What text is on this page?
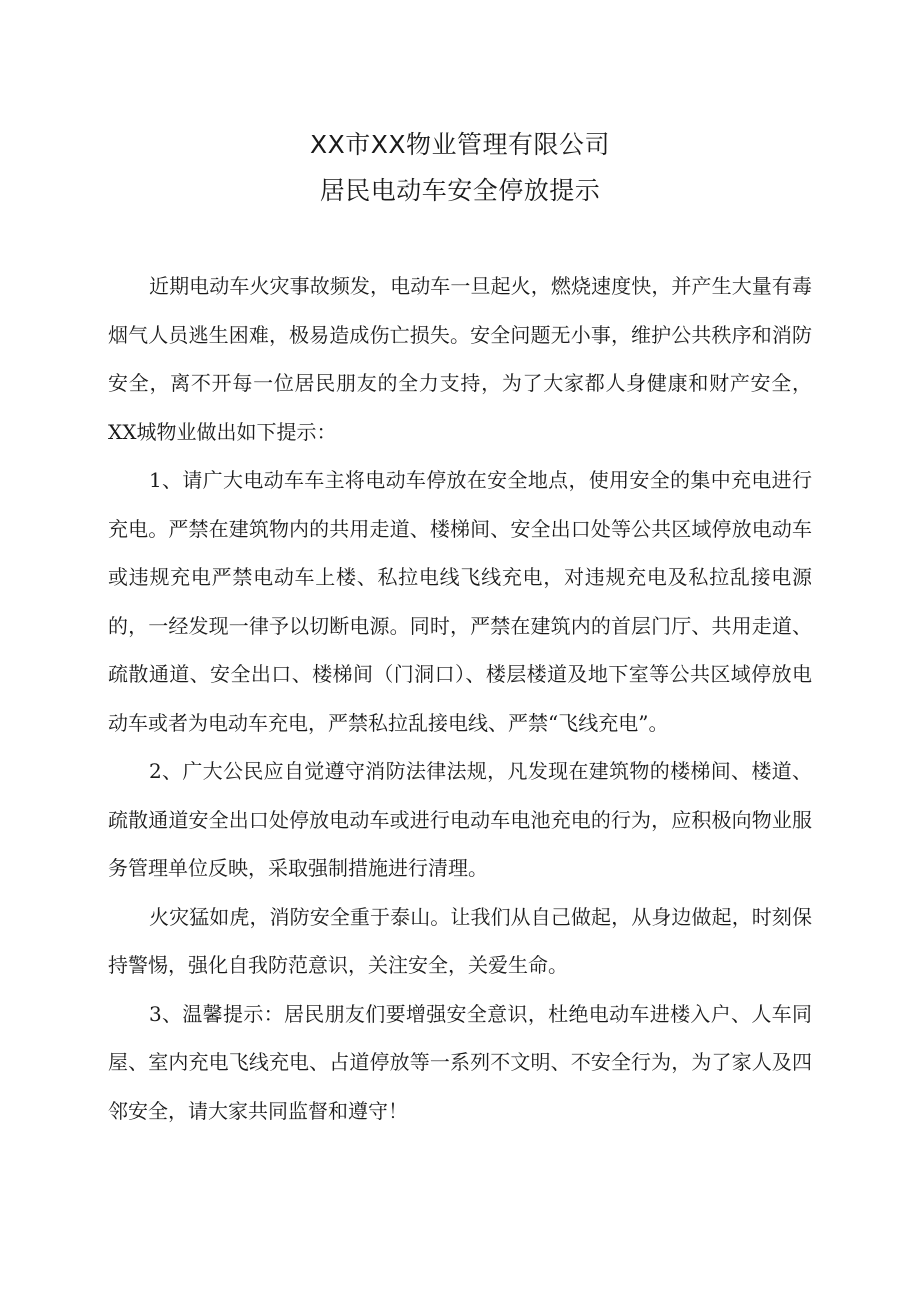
XX市XX物业管理有限公司
居民电动车安全停放提示

近期电动车火灾事故频发，电动车一旦起火，燃烧速度快，并产生大量有毒烟气人员逃生困难，极易造成伤亡损失。安全问题无小事，维护公共秩序和消防安全，离不开每一位居民朋友的全力支持，为了大家都人身健康和财产安全，XX城物业做出如下提示：

1、请广大电动车车主将电动车停放在安全地点，使用安全的集中充电进行充电。严禁在建筑物内的共用走道、楼梯间、安全出口处等公共区域停放电动车或违规充电严禁电动车上楼、私拉电线飞线充电，对违规充电及私拉乱接电源的，一经发现一律予以切断电源。同时，严禁在建筑内的首层门厅、共用走道、疏散通道、安全出口、楼梯间（门洞口）、楼层楼道及地下室等公共区域停放电动车或者为电动车充电，严禁私拉乱接电线、严禁“飞线充电”。

2、广大公民应自觉遵守消防法律法规，凡发现在建筑物的楼梯间、楼道、疏散通道安全出口处停放电动车或进行电动车电池充电的行为，应积极向物业服务管理单位反映，采取强制措施进行清理。

火灾猛如虎，消防安全重于泰山。让我们从自己做起，从身边做起，时刻保持警惕，强化自我防范意识，关注安全，关爱生命。

3、温馨提示：居民朋友们要增强安全意识，杜绝电动车进楼入户、人车同屋、室内充电飞线充电、占道停放等一系列不文明、不安全行为，为了家人及四邻安全，请大家共同监督和遵守！
